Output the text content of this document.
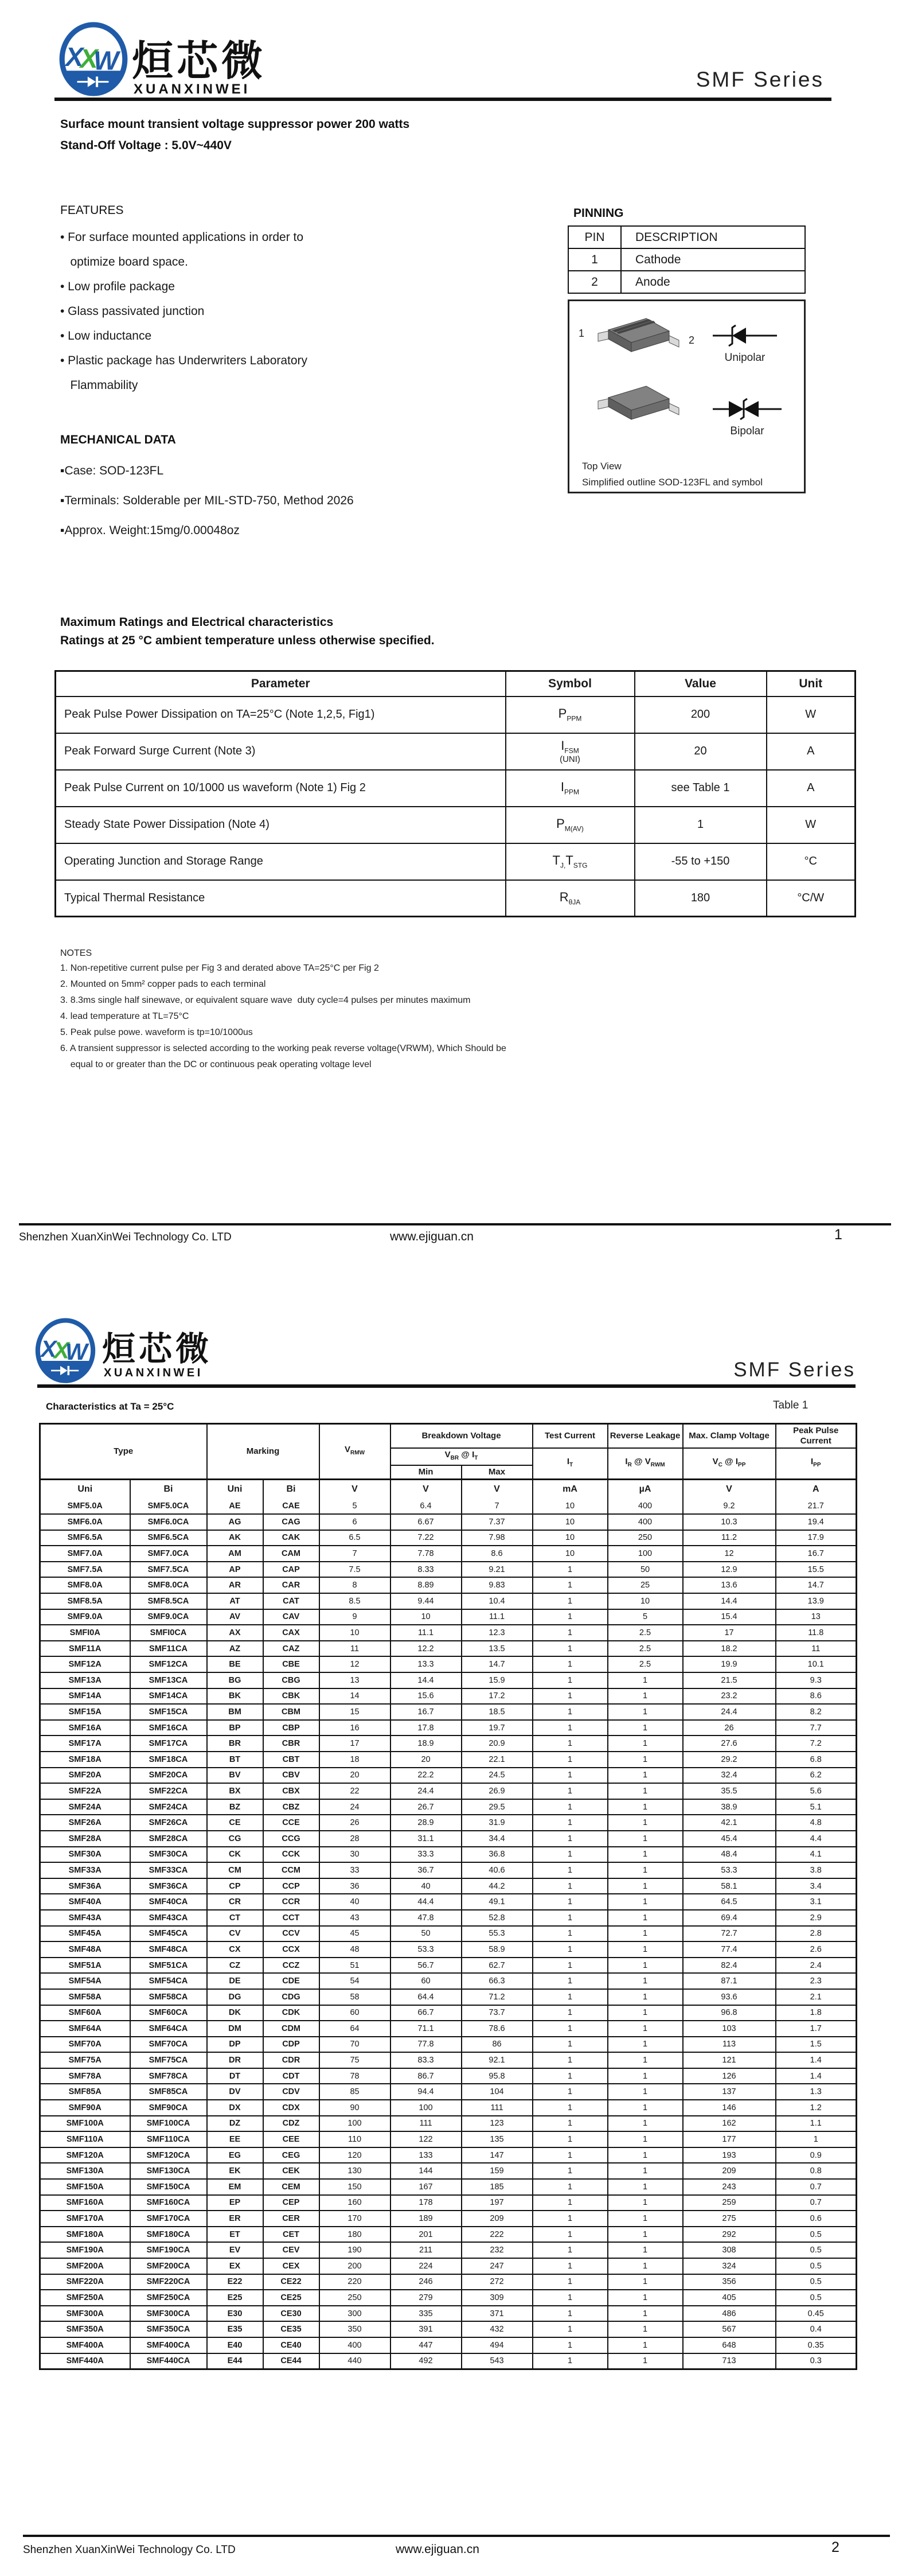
X
X
W 烜芯微
XUANXINWEI	SMF Series
Surface mount transient voltage suppressor power 200 watts
Stand-Off Voltage : 5.0V~440V
FEATURES
• For surface mounted applications in order to
optimize board space.
• Low profile package
• Glass passivated junction
• Low inductance
• Plastic package has Underwriters Laboratory
Flammability
PINNING
PIN	DESCRIPTION
1	Cathode
2	Anode
1
2
Unipolar
Bipolar
Top View
Simplified outline SOD-123FL and symbol
MECHANICAL DATA
▪Case: SOD-123FL
▪Terminals: Solderable per MIL-STD-750, Method 2026
▪Approx. Weight:15mg/0.00048oz
Maximum Ratings and Electrical characteristics
Ratings at 25 °C ambient temperature unless otherwise specified.
Parameter	Symbol	Value	Unit
Peak Pulse Power Dissipation on TA=25°C (Note 1,2,5, Fig1)	$P_{PPM}$	200	W
Peak Forward Surge Current (Note 3)	$I_{FSM}$
(UNI)	20	A
Peak Pulse Current on 10/1000 us waveform (Note 1) Fig 2	$I_{PPM}$	see Table 1	A
Steady State Power Dissipation (Note 4)	$P_{M(AV)}$	1	W
Operating Junction and Storage Range	$T_{J,}T_{STG}$	-55 to +150	°C
Typical Thermal Resistance	$R_{\theta JA}$	180	°C/W
NOTES
1. Non-repetitive current pulse per Fig 3 and derated above TA=25°C per Fig 2
2. Mounted on 5mm² copper pads to each terminal
3. 8.3ms single half sinewave, or equivalent square wave  duty cycle=4 pulses per minutes maximum
4. lead temperature at TL=75°C
5. Peak pulse powe. waveform is tp=10/1000us
6. A transient suppressor is selected according to the working peak reverse voltage(VRWM), Which Should be
equal to or greater than the DC or continuous peak operating voltage level
Shenzhen XuanXinWei Technology Co. LTD	www.ejiguan.cn	1
X
X
W 烜芯微
XUANXINWEI	SMF Series
Characteristics at Ta = 25°C	Table 1
Type		Marking		$V_{RMW}$	Breakdown Voltage		Test Current	Reverse Leakage	Max. Clamp Voltage	Peak Pulse Current
					$V_{BR}$ @ $I_T$		$I_T$	$I_R$ @ $V_{RWM}$	$V_C$ @ $I_{PP}$	$I_{PP}$
					Min	Max				
Uni	Bi	Uni	Bi	V	V	V	mA	µA	V	A
SMF5.0A	SMF5.0CA	AE	CAE	5	6.4	7	10	400	9.2	21.7
SMF6.0A	SMF6.0CA	AG	CAG	6	6.67	7.37	10	400	10.3	19.4
SMF6.5A	SMF6.5CA	AK	CAK	6.5	7.22	7.98	10	250	11.2	17.9
SMF7.0A	SMF7.0CA	AM	CAM	7	7.78	8.6	10	100	12	16.7
SMF7.5A	SMF7.5CA	AP	CAP	7.5	8.33	9.21	1	50	12.9	15.5
SMF8.0A	SMF8.0CA	AR	CAR	8	8.89	9.83	1	25	13.6	14.7
SMF8.5A	SMF8.5CA	AT	CAT	8.5	9.44	10.4	1	10	14.4	13.9
SMF9.0A	SMF9.0CA	AV	CAV	9	10	11.1	1	5	15.4	13
SMFI0A	SMFI0CA	AX	CAX	10	11.1	12.3	1	2.5	17	11.8
SMF11A	SMF11CA	AZ	CAZ	11	12.2	13.5	1	2.5	18.2	11
SMF12A	SMF12CA	BE	CBE	12	13.3	14.7	1	2.5	19.9	10.1
SMF13A	SMF13CA	BG	CBG	13	14.4	15.9	1	1	21.5	9.3
SMF14A	SMF14CA	BK	CBK	14	15.6	17.2	1	1	23.2	8.6
SMF15A	SMF15CA	BM	CBM	15	16.7	18.5	1	1	24.4	8.2
SMF16A	SMF16CA	BP	CBP	16	17.8	19.7	1	1	26	7.7
SMF17A	SMF17CA	BR	CBR	17	18.9	20.9	1	1	27.6	7.2
SMF18A	SMF18CA	BT	CBT	18	20	22.1	1	1	29.2	6.8
SMF20A	SMF20CA	BV	CBV	20	22.2	24.5	1	1	32.4	6.2
SMF22A	SMF22CA	BX	CBX	22	24.4	26.9	1	1	35.5	5.6
SMF24A	SMF24CA	BZ	CBZ	24	26.7	29.5	1	1	38.9	5.1
SMF26A	SMF26CA	CE	CCE	26	28.9	31.9	1	1	42.1	4.8
SMF28A	SMF28CA	CG	CCG	28	31.1	34.4	1	1	45.4	4.4
SMF30A	SMF30CA	CK	CCK	30	33.3	36.8	1	1	48.4	4.1
SMF33A	SMF33CA	CM	CCM	33	36.7	40.6	1	1	53.3	3.8
SMF36A	SMF36CA	CP	CCP	36	40	44.2	1	1	58.1	3.4
SMF40A	SMF40CA	CR	CCR	40	44.4	49.1	1	1	64.5	3.1
SMF43A	SMF43CA	CT	CCT	43	47.8	52.8	1	1	69.4	2.9
SMF45A	SMF45CA	CV	CCV	45	50	55.3	1	1	72.7	2.8
SMF48A	SMF48CA	CX	CCX	48	53.3	58.9	1	1	77.4	2.6
SMF51A	SMF51CA	CZ	CCZ	51	56.7	62.7	1	1	82.4	2.4
SMF54A	SMF54CA	DE	CDE	54	60	66.3	1	1	87.1	2.3
SMF58A	SMF58CA	DG	CDG	58	64.4	71.2	1	1	93.6	2.1
SMF60A	SMF60CA	DK	CDK	60	66.7	73.7	1	1	96.8	1.8
SMF64A	SMF64CA	DM	CDM	64	71.1	78.6	1	1	103	1.7
SMF70A	SMF70CA	DP	CDP	70	77.8	86	1	1	113	1.5
SMF75A	SMF75CA	DR	CDR	75	83.3	92.1	1	1	121	1.4
SMF78A	SMF78CA	DT	CDT	78	86.7	95.8	1	1	126	1.4
SMF85A	SMF85CA	DV	CDV	85	94.4	104	1	1	137	1.3
SMF90A	SMF90CA	DX	CDX	90	100	111	1	1	146	1.2
SMF100A	SMF100CA	DZ	CDZ	100	111	123	1	1	162	1.1
SMF110A	SMF110CA	EE	CEE	110	122	135	1	1	177	1
SMF120A	SMF120CA	EG	CEG	120	133	147	1	1	193	0.9
SMF130A	SMF130CA	EK	CEK	130	144	159	1	1	209	0.8
SMF150A	SMF150CA	EM	CEM	150	167	185	1	1	243	0.7
SMF160A	SMF160CA	EP	CEP	160	178	197	1	1	259	0.7
SMF170A	SMF170CA	ER	CER	170	189	209	1	1	275	0.6
SMF180A	SMF180CA	ET	CET	180	201	222	1	1	292	0.5
SMF190A	SMF190CA	EV	CEV	190	211	232	1	1	308	0.5
SMF200A	SMF200CA	EX	CEX	200	224	247	1	1	324	0.5
SMF220A	SMF220CA	E22	CE22	220	246	272	1	1	356	0.5
SMF250A	SMF250CA	E25	CE25	250	279	309	1	1	405	0.5
SMF300A	SMF300CA	E30	CE30	300	335	371	1	1	486	0.45
SMF350A	SMF350CA	E35	CE35	350	391	432	1	1	567	0.4
SMF400A	SMF400CA	E40	CE40	400	447	494	1	1	648	0.35
SMF440A	SMF440CA	E44	CE44	440	492	543	1	1	713	0.3
Shenzhen XuanXinWei Technology Co. LTD	www.ejiguan.cn	2
